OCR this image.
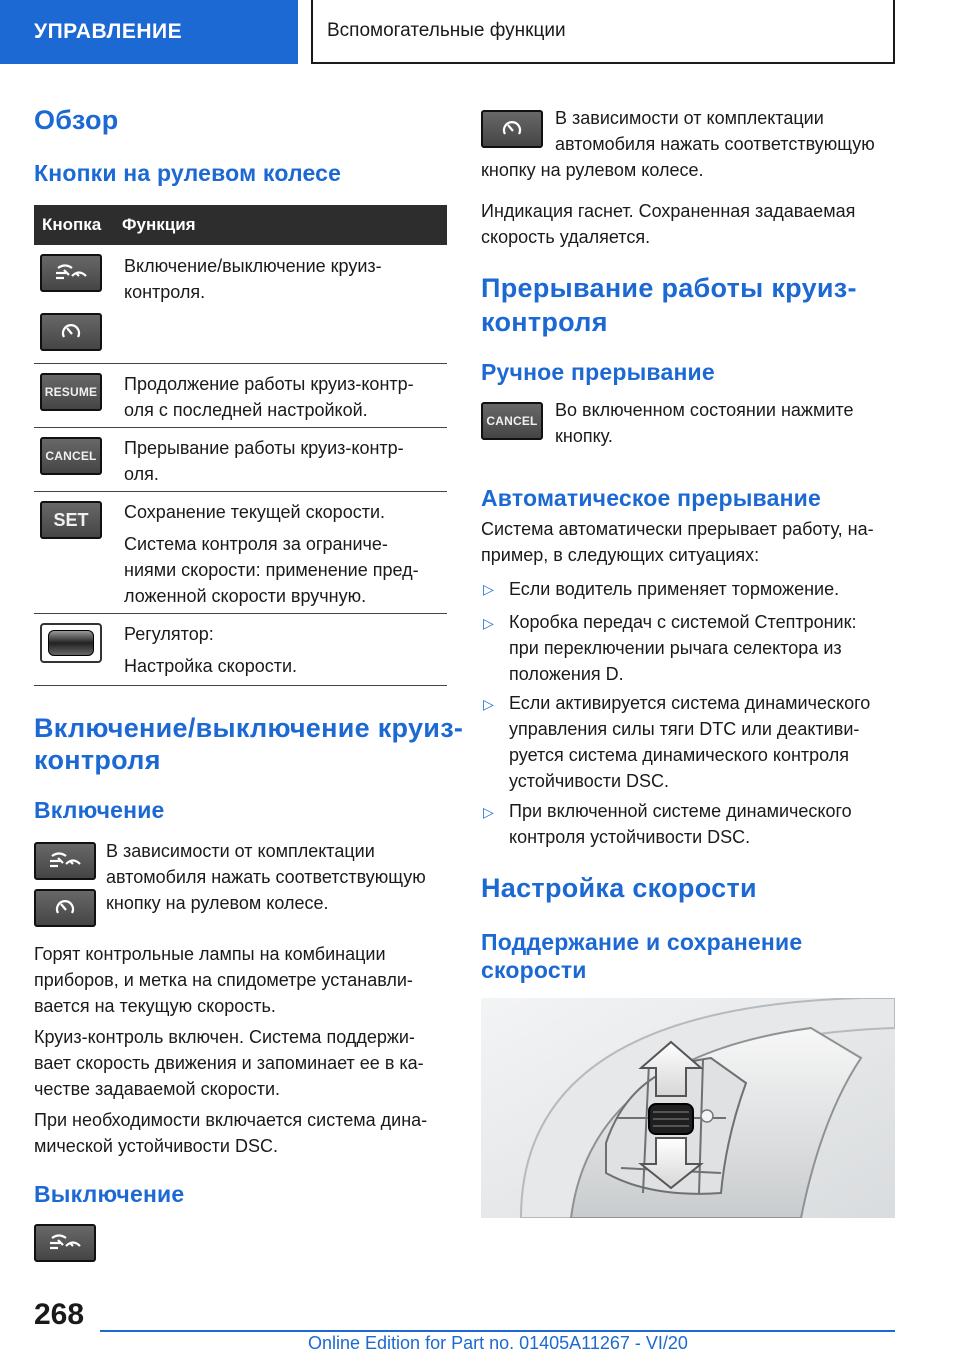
УПРАВЛЕНИЕ	Вспомогательные функции
Обзор
Кнопки на рулевом колесе
Кнопка	Функция
Включение/выключение круиз-
контроля.
RESUME Продолжение работы круиз-контр-
оля с последней настройкой.
CANCEL Прерывание работы круиз-контр-
оля.
SET Сохранение текущей скорости.
Система контроля за ограниче-
ниями скорости: применение пред-
ложенной скорости вручную.
Регулятор:
Настройка скорости.
Включение/выключение круиз-
контроля
Включение
В зависимости от комплектации
автомобиля нажать соответствующую
кнопку на рулевом колесе.
Горят контрольные лампы на комбинации
приборов, и метка на спидометре устанавли-
вается на текущую скорость.
Круиз-контроль включен. Система поддержи-
вает скорость движения и запоминает ее в ка-
честве задаваемой скорости.
При необходимости включается система дина-
мической устойчивости DSC.
Выключение
В зависимости от комплектации
автомобиля нажать соответствующую
кнопку на рулевом колесе.
Индикация гаснет. Сохраненная задаваемая
скорость удаляется.
Прерывание работы круиз-
контроля
Ручное прерывание
CANCEL
Во включенном состоянии нажмите
кнопку.
Автоматическое прерывание
Система автоматически прерывает работу, на-
пример, в следующих ситуациях:
▷ Если водитель применяет торможение.
▷ Коробка передач с системой Стептроник:
при переключении рычага селектора из
положения D.
▷ Если активируется система динамического
управления силы тяги DTC или деактиви-
руется система динамического контроля
устойчивости DSC.
▷ При включенной системе динамического
контроля устойчивости DSC.
Настройка скорости
Поддержание и сохранение
скорости
268
Online Edition for Part no. 01405A11267 - VI/20
